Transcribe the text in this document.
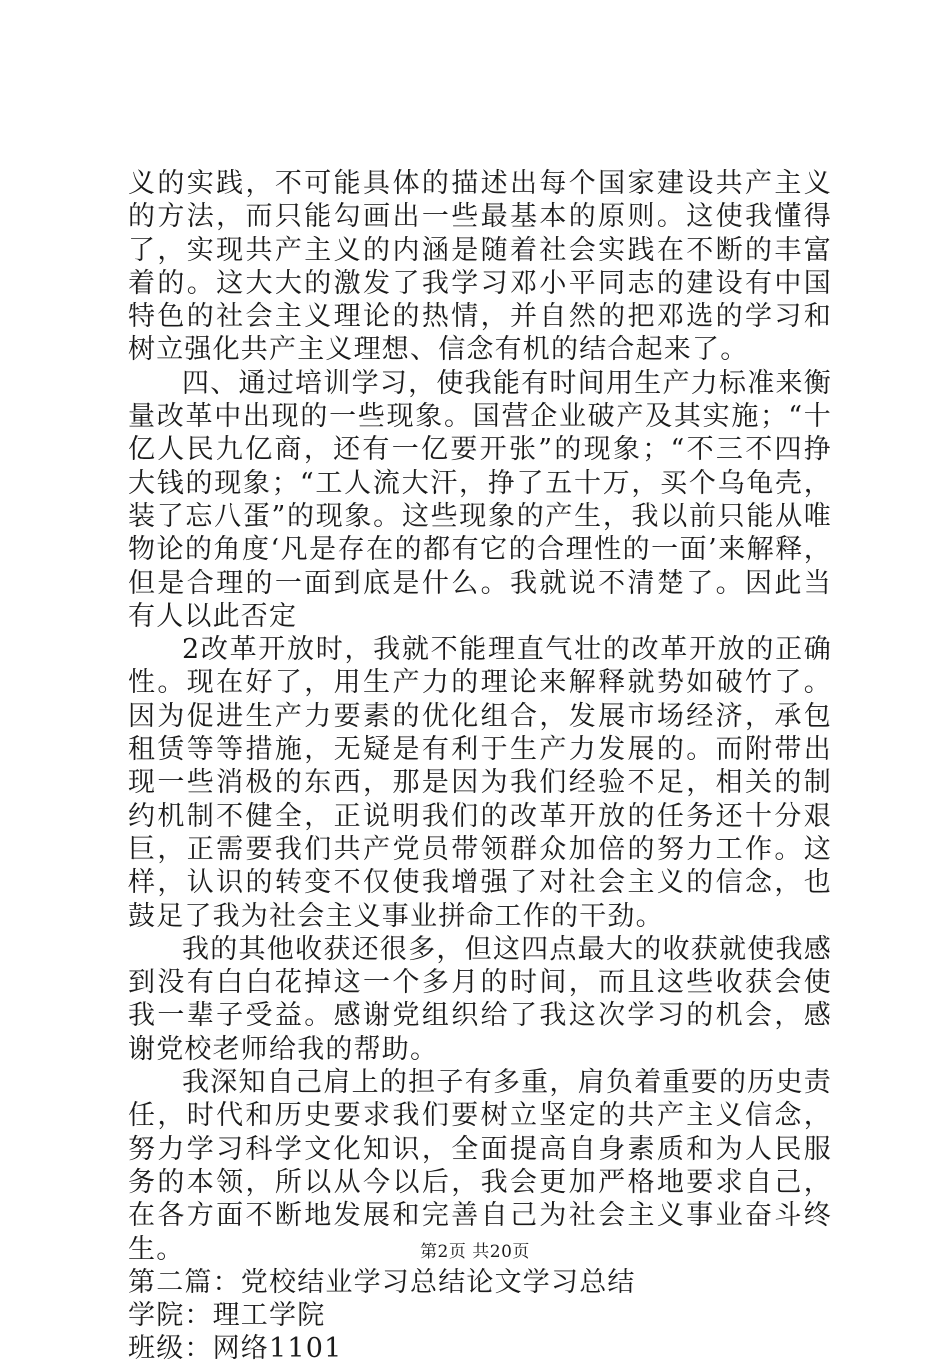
义的实践，不可能具体的描述出每个国家建设共产主义的方法，而只能勾画出一些最基本的原则。这使我懂得了，实现共产主义的内涵是随着社会实践在不断的丰富着的。这大大的激发了我学习邓小平同志的建设有中国特色的社会主义理论的热情，并自然的把邓选的学习和树立强化共产主义理想、信念有机的结合起来了。

四、通过培训学习，使我能有时间用生产力标准来衡量改革中出现的一些现象。国营企业破产及其实施；“十亿人民九亿商，还有一亿要开张”的现象；“不三不四挣大钱的现象；“工人流大汗，挣了五十万，买个乌龟壳，装了忘八蛋”的现象。这些现象的产生，我以前只能从唯物论的角度‘凡是存在的都有它的合理性的一面’来解释，但是合理的一面到底是什么。我就说不清楚了。因此当有人以此否定

2改革开放时，我就不能理直气壮的改革开放的正确性。现在好了，用生产力的理论来解释就势如破竹了。因为促进生产力要素的优化组合，发展市场经济，承包租赁等等措施，无疑是有利于生产力发展的。而附带出现一些消极的东西，那是因为我们经验不足，相关的制约机制不健全，正说明我们的改革开放的任务还十分艰巨，正需要我们共产党员带领群众加倍的努力工作。这样，认识的转变不仅使我增强了对社会主义的信念，也鼓足了我为社会主义事业拼命工作的干劲。

我的其他收获还很多，但这四点最大的收获就使我感到没有白白花掉这一个多月的时间，而且这些收获会使我一辈子受益。感谢党组织给了我这次学习的机会，感谢党校老师给我的帮助。

我深知自己肩上的担子有多重，肩负着重要的历史责任，时代和历史要求我们要树立坚定的共产主义信念，努力学习科学文化知识，全面提高自身素质和为人民服务的本领，所以从今以后，我会更加严格地要求自己，在各方面不断地发展和完善自己为社会主义事业奋斗终生。

第二篇：党校结业学习总结论文学习总结

学院：理工学院

班级：网络1101

第2页 共20页
